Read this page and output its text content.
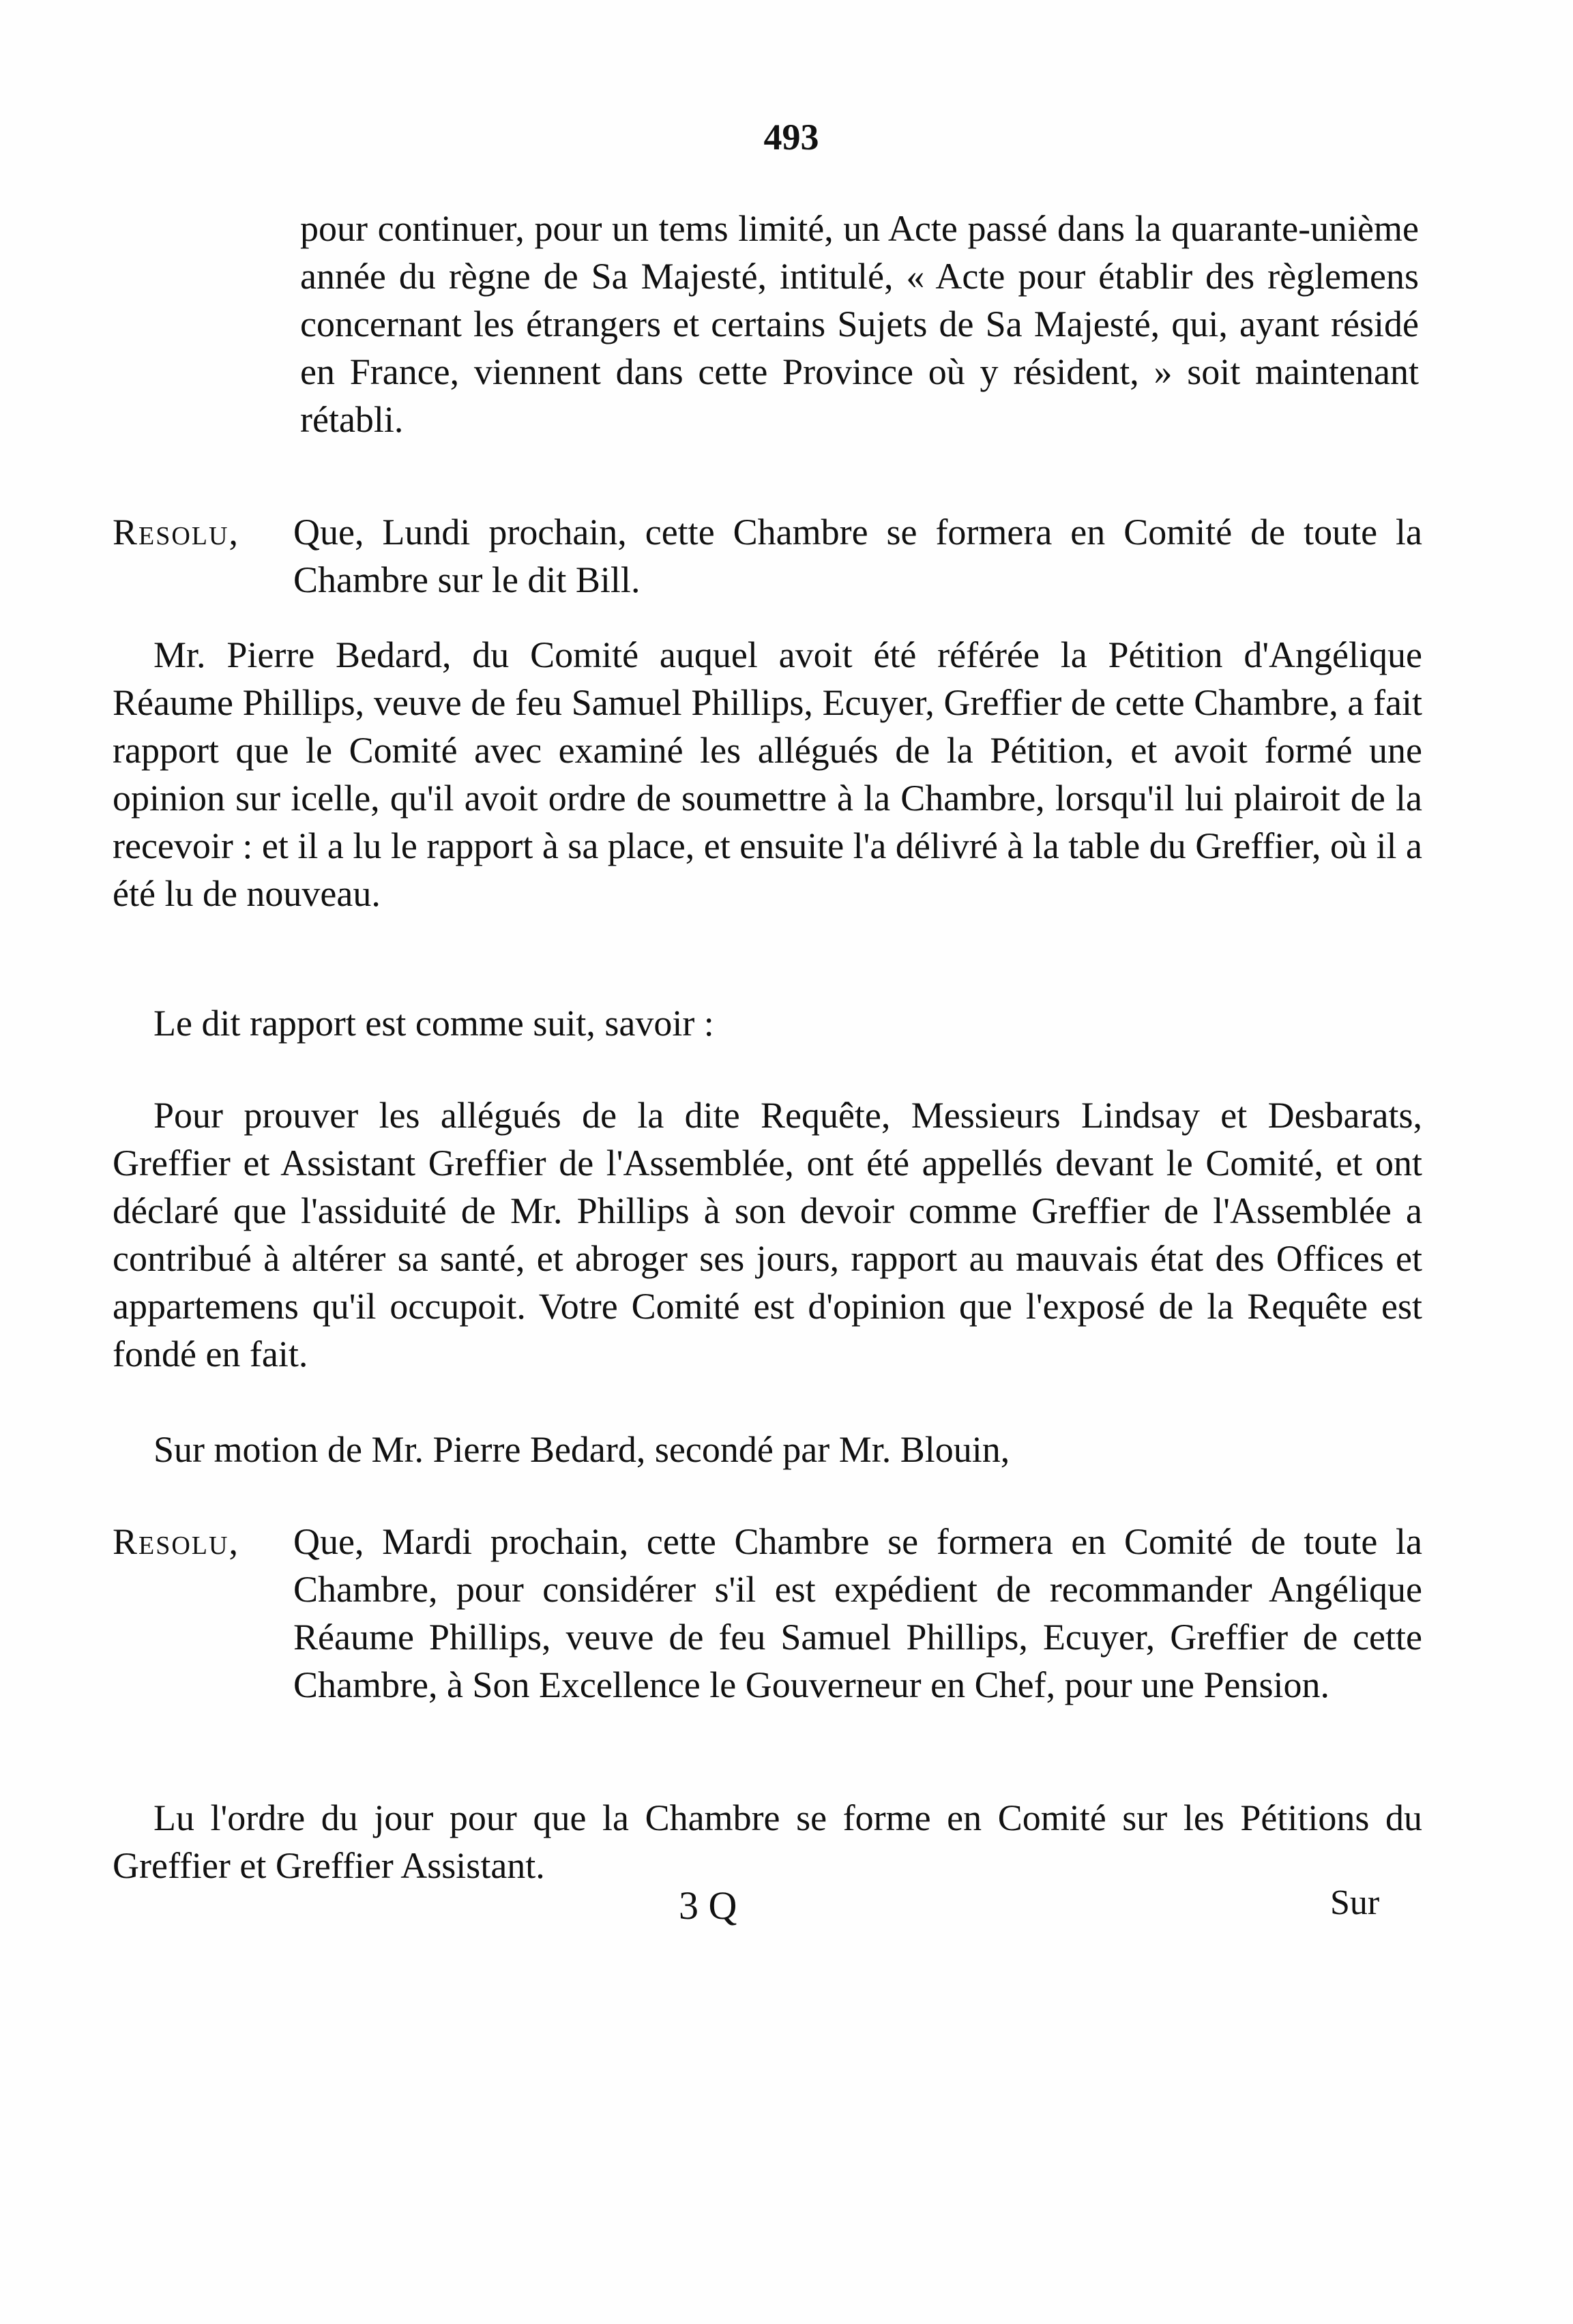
493

pour continuer, pour un tems limité, un Acte passé dans la quarante-unième année du règne de Sa Majesté, intitulé, « Acte pour établir des règlemens concernant les étrangers et certains Sujets de Sa Majesté, qui, ayant résidé en France, viennent dans cette Province où y résident, » soit maintenant rétabli.

Resolu, Que, Lundi prochain, cette Chambre se formera en Comité de toute la Chambre sur le dit Bill.

Mr. Pierre Bedard, du Comité auquel avoit été référée la Pétition d'Angélique Réaume Phillips, veuve de feu Samuel Phillips, Ecuyer, Greffier de cette Chambre, a fait rapport que le Comité avec examiné les allégués de la Pétition, et avoit formé une opinion sur icelle, qu'il avoit ordre de soumettre à la Chambre, lorsqu'il lui plairoit de la recevoir : et il a lu le rapport à sa place, et ensuite l'a délivré à la table du Greffier, où il a été lu de nouveau.

Le dit rapport est comme suit, savoir :

Pour prouver les allégués de la dite Requête, Messieurs Lindsay et Desbarats, Greffier et Assistant Greffier de l'Assemblée, ont été appellés devant le Comité, et ont déclaré que l'assiduité de Mr. Phillips à son devoir comme Greffier de l'Assemblée a contribué à altérer sa santé, et abroger ses jours, rapport au mauvais état des Offices et appartemens qu'il occupoit. Votre Comité est d'opinion que l'exposé de la Requête est fondé en fait.

Sur motion de Mr. Pierre Bedard, secondé par Mr. Blouin,

Resolu, Que, Mardi prochain, cette Chambre se formera en Comité de toute la Chambre, pour considérer s'il est expédient de recommander Angélique Réaume Phillips, veuve de feu Samuel Phillips, Ecuyer, Greffier de cette Chambre, à Son Excellence le Gouverneur en Chef, pour une Pension.

Lu l'ordre du jour pour que la Chambre se forme en Comité sur les Pétitions du Greffier et Greffier Assistant.

3 Q	Sur
